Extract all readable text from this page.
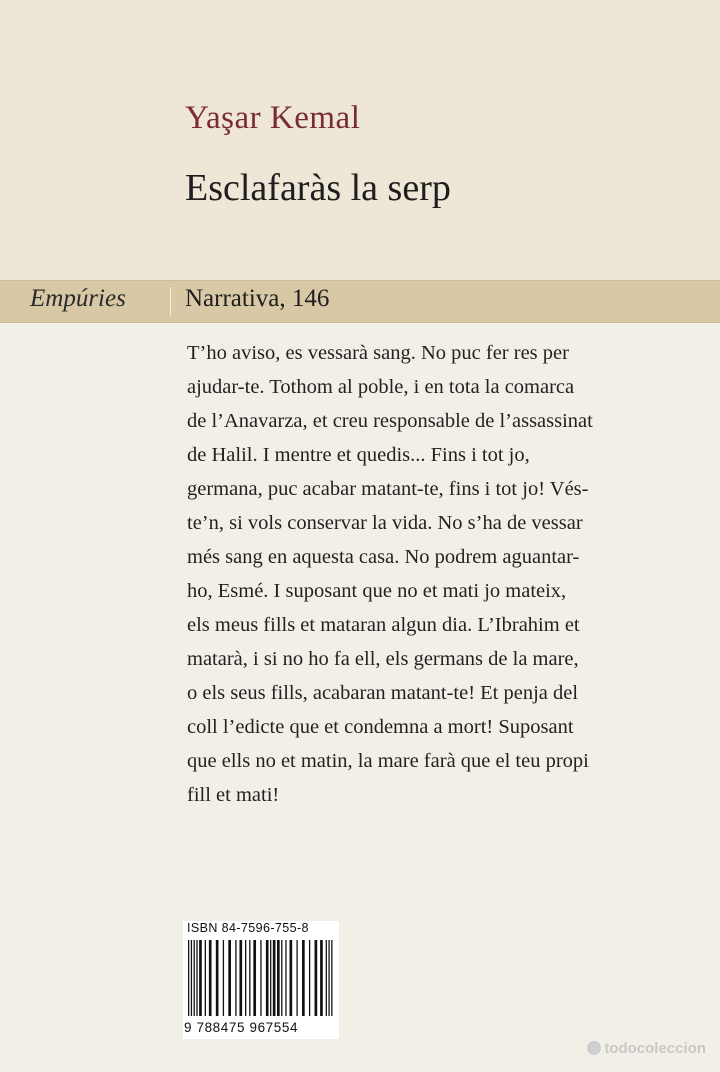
Yaşar Kemal
Esclafaràs la serp
Empúries Narrativa, 146
T’ho aviso, es vessarà sang. No puc fer res per
ajudar-te. Tothom al poble, i en tota la comarca
de l’Anavarza, et creu responsable de l’assassinat
de Halil. I mentre et quedis... Fins i tot jo,
germana, puc acabar matant-te, fins i tot jo! Vés-
te’n, si vols conservar la vida. No s’ha de vessar
més sang en aquesta casa. No podrem aguantar-
ho, Esmé. I suposant que no et mati jo mateix,
els meus fills et mataran algun dia. L’Ibrahim et
matarà, i si no ho fa ell, els germans de la mare,
o els seus fills, acabaran matant-te! Et penja del
coll l’edicte que et condemna a mort! Suposant
que ells no et matin, la mare farà que el teu propi
fill et mati!
ISBN 84-7596-755-8
9 788475 967554
todocoleccion
